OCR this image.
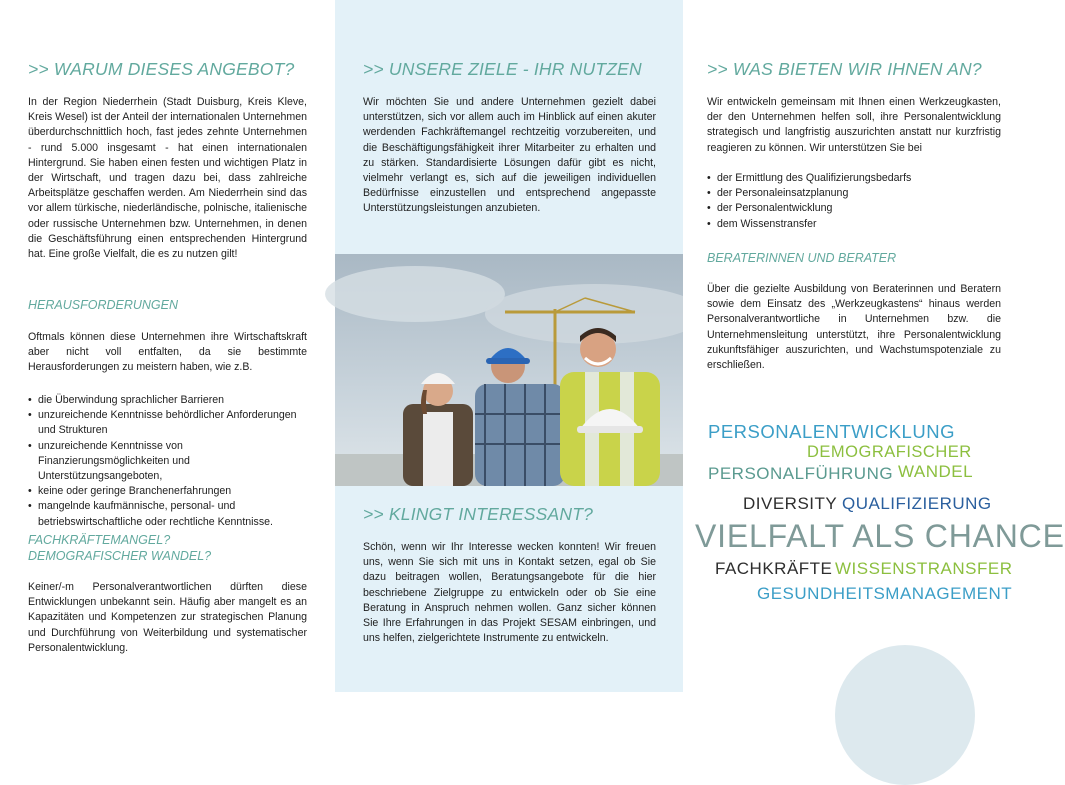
>> WARUM DIESES ANGEBOT?
In der Region Niederrhein (Stadt Duisburg, Kreis Kleve, Kreis Wesel) ist der Anteil der internationalen Unternehmen überdurchschnittlich hoch, fast jedes zehnte Unternehmen - rund 5.000 insgesamt - hat einen internationalen Hintergrund. Sie haben einen festen und wichtigen Platz in der Wirtschaft, und tragen dazu bei, dass zahlreiche Arbeitsplätze geschaffen werden. Am Niederrhein sind das vor allem türkische, niederländische, polnische, italienische oder russische Unternehmen bzw. Unternehmen, in denen die Geschäftsführung einen entsprechenden Hintergrund hat. Eine große Vielfalt, die es zu nutzen gilt!
HERAUSFORDERUNGEN
Oftmals können diese Unternehmen ihre Wirtschaftskraft aber nicht voll entfalten, da sie bestimmte Herausforderungen zu meistern haben, wie z.B.
• die Überwindung sprachlicher Barrieren
• unzureichende Kenntnisse behördlicher Anforderungen und Strukturen
• unzureichende Kenntnisse von Finanzierungsmöglichkeiten und Unterstützungsangeboten,
• keine oder geringe Branchenerfahrungen
• mangelnde kaufmännische, personal- und betriebswirtschaftliche oder rechtliche Kenntnisse.
FACHKRÄFTEMANGEL?
DEMOGRAFISCHER WANDEL?
Keiner/-m Personalverantwortlichen dürften diese Entwicklungen unbekannt sein. Häufig aber mangelt es an Kapazitäten und Kompetenzen zur strategischen Planung und Durchführung von Weiterbildung und systematischer Personalentwicklung.
>> UNSERE ZIELE - IHR NUTZEN
Wir möchten Sie und andere Unternehmen gezielt dabei unterstützen, sich vor allem auch im Hinblick auf einen akuter werdenden Fachkräftemangel rechtzeitig vorzubereiten, und die Beschäftigungsfähigkeit ihrer Mitarbeiter zu erhalten und zu stärken. Standardisierte Lösungen dafür gibt es nicht, vielmehr verlangt es, sich auf die jeweiligen individuellen Bedürfnisse einzustellen und entsprechend angepasste Unterstützungsleistungen anzubieten.
>> KLINGT INTERESSANT?
Schön, wenn wir Ihr Interesse wecken konnten! Wir freuen uns, wenn Sie sich mit uns in Kontakt setzen, egal ob Sie dazu beitragen wollen, Beratungsangebote für die hier beschriebene Zielgruppe zu entwickeln oder ob Sie eine Beratung in Anspruch nehmen wollen. Ganz sicher können Sie Ihre Erfahrungen in das Projekt SESAM einbringen, und uns helfen, zielgerichtete Instrumente zu entwickeln.
>> WAS BIETEN WIR IHNEN AN?
Wir entwickeln gemeinsam mit Ihnen einen Werkzeugkasten, der den Unternehmen helfen soll, ihre Personalentwicklung strategisch und langfristig auszurichten anstatt nur kurzfristig reagieren zu können. Wir unterstützen Sie bei
• der Ermittlung des Qualifizierungsbedarfs
• der Personaleinsatzplanung
• der Personalentwicklung
• dem Wissenstransfer
BERATERINNEN UND BERATER
Über die gezielte Ausbildung von Beraterinnen und Beratern sowie dem Einsatz des „Werkzeugkastens“ hinaus werden Personalverantwortliche in Unternehmen bzw. die Unternehmensleitung unterstützt, ihre Personalentwicklung zukunftsfähiger auszurichten, und Wachstumspotenziale zu erschließen.
PERSONALENTWICKLUNG
DEMOGRAFISCHER
PERSONALFÜHRUNG WANDEL
DIVERSITY QUALIFIZIERUNG
VIELFALT ALS CHANCE
FACHKRÄFTE WISSENSTRANSFER
GESUNDHEITSMANAGEMENT
